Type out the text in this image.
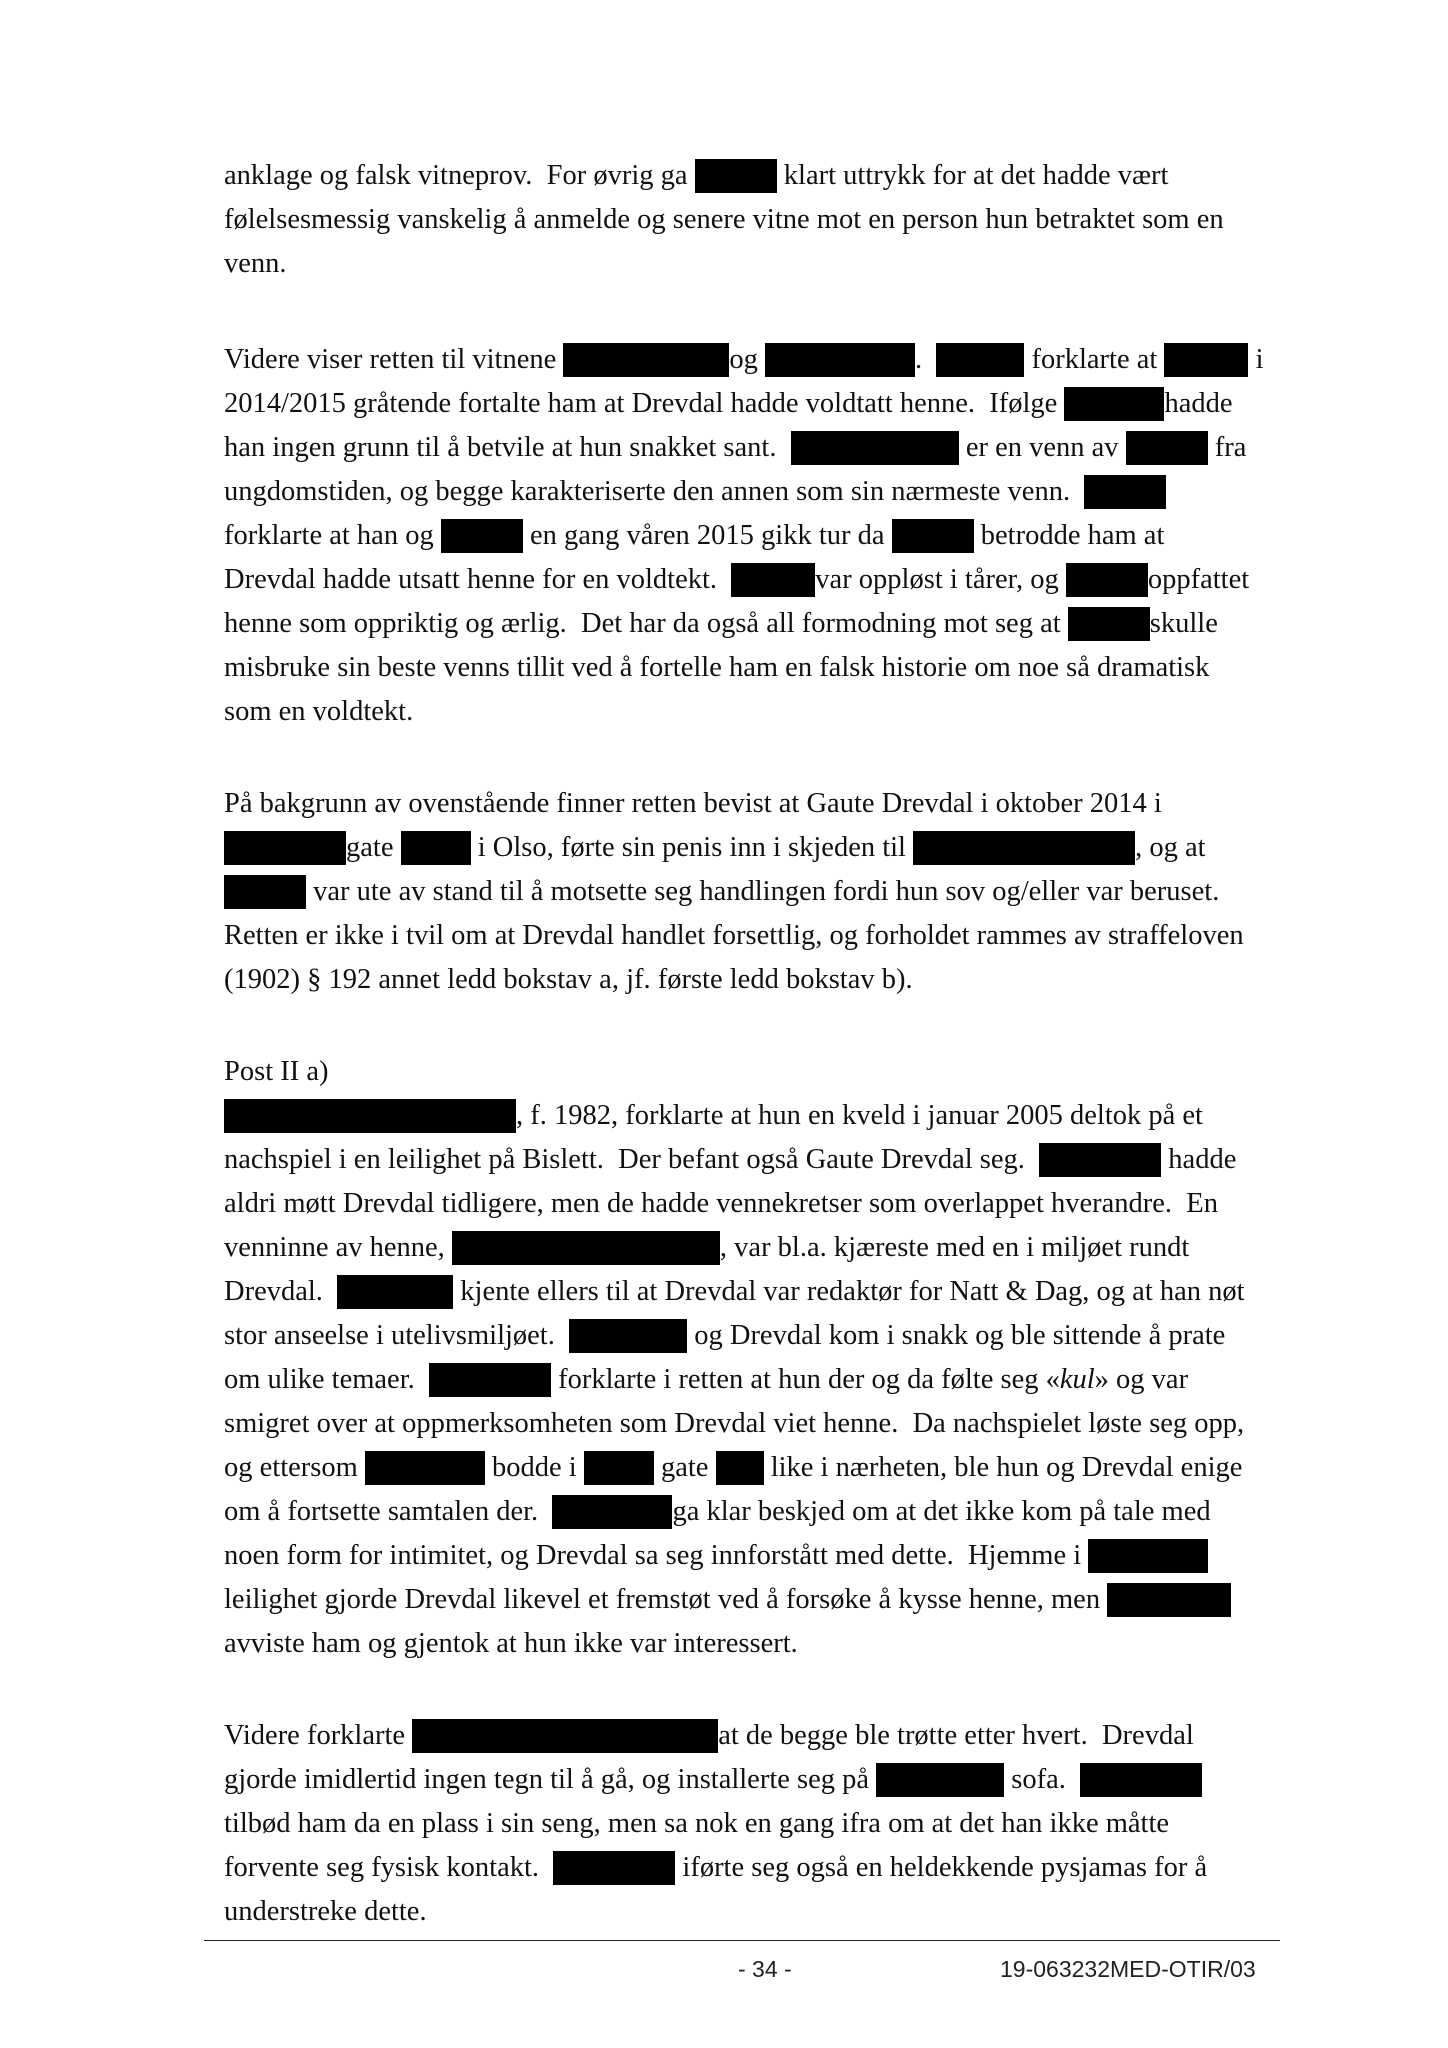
anklage og falsk vitneprov.  For øvrig ga	klart uttrykk for at det hadde vært
følelsesmessig vanskelig å anmelde og senere vitne mot en person hun betraktet som en
venn.
Videre viser retten til vitnene	og	.	forklarte at	i
2014/2015 gråtende fortalte ham at Drevdal hadde voldtatt henne.  Ifølge	hadde
han ingen grunn til å betvile at hun snakket sant.	er en venn av	fra
ungdomstiden, og begge karakteriserte den annen som sin nærmeste venn.
forklarte at han og	en gang våren 2015 gikk tur da	betrodde ham at
Drevdal hadde utsatt henne for en voldtekt.	var oppløst i tårer, og	oppfattet
henne som oppriktig og ærlig.  Det har da også all formodning mot seg at	skulle
misbruke sin beste venns tillit ved å fortelle ham en falsk historie om noe så dramatisk
som en voldtekt.
På bakgrunn av ovenstående finner retten bevist at Gaute Drevdal i oktober 2014 i
gate  i Olso, førte sin penis inn i skjeden til	, og at
var ute av stand til å motsette seg handlingen fordi hun sov og/eller var beruset.
Retten er ikke i tvil om at Drevdal handlet forsettlig, og forholdet rammes av straffeloven
(1902) § 192 annet ledd bokstav a, jf. første ledd bokstav b).
Post II a)
, f. 1982, forklarte at hun en kveld i januar 2005 deltok på et
nachspiel i en leilighet på Bislett.  Der befant også Gaute Drevdal seg.	hadde
aldri møtt Drevdal tidligere, men de hadde vennekretser som overlappet hverandre.  En
venninne av henne,	, var bl.a. kjæreste med en i miljøet rundt
Drevdal.	kjente ellers til at Drevdal var redaktør for Natt & Dag, og at han nøt
stor anseelse i utelivsmiljøet.	og Drevdal kom i snakk og ble sittende å prate
om ulike temaer.	forklarte i retten at hun der og da følte seg «kul» og var
smigret over at oppmerksomheten som Drevdal viet henne.  Da nachspielet løste seg opp,
og ettersom	bodde i  gate  like i nærheten, ble hun og Drevdal enige
om å fortsette samtalen der.	ga klar beskjed om at det ikke kom på tale med
noen form for intimitet, og Drevdal sa seg innforstått med dette.  Hjemme i
leilighet gjorde Drevdal likevel et fremstøt ved å forsøke å kysse henne, men
avviste ham og gjentok at hun ikke var interessert.
Videre forklarte	at de begge ble trøtte etter hvert.  Drevdal
gjorde imidlertid ingen tegn til å gå, og installerte seg på	sofa.
tilbød ham da en plass i sin seng, men sa nok en gang ifra om at det han ikke måtte
forvente seg fysisk kontakt.	iførte seg også en heldekkende pysjamas for å
understreke dette.
- 34 -	19-063232MED-OTIR/03
